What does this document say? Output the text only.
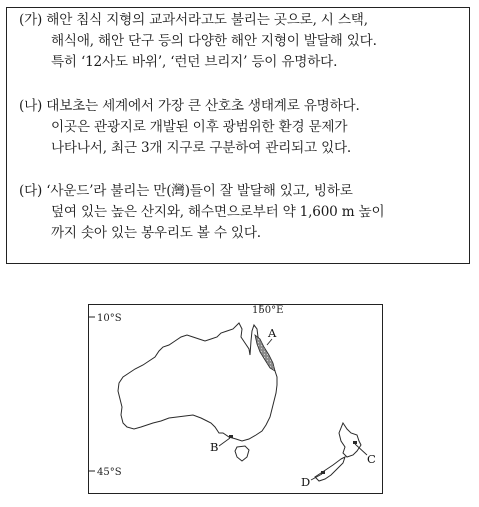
(가) 해안 침식 지형의 교과서라고도 불리는 곳으로, 시 스택,
해식애, 해안 단구 등의 다양한 해안 지형이 발달해 있다.
특히 ‘12사도 바위’, ‘런던 브리지’ 등이 유명하다.
(나) 대보초는 세계에서 가장 큰 산호초 생태계로 유명하다.
이곳은 관광지로 개발된 이후 광범위한 환경 문제가
나타나서, 최근 3개 지구로 구분하여 관리되고 있다.
(다) ‘사운드’라 불리는 만(灣)들이 잘 발달해 있고, 빙하로
덮여 있는 높은 산지와, 해수면으로부터 약 1,600 m 높이
까지 솟아 있는 봉우리도 볼 수 있다.
10°S
45°S
150°E
A
B
C
D
